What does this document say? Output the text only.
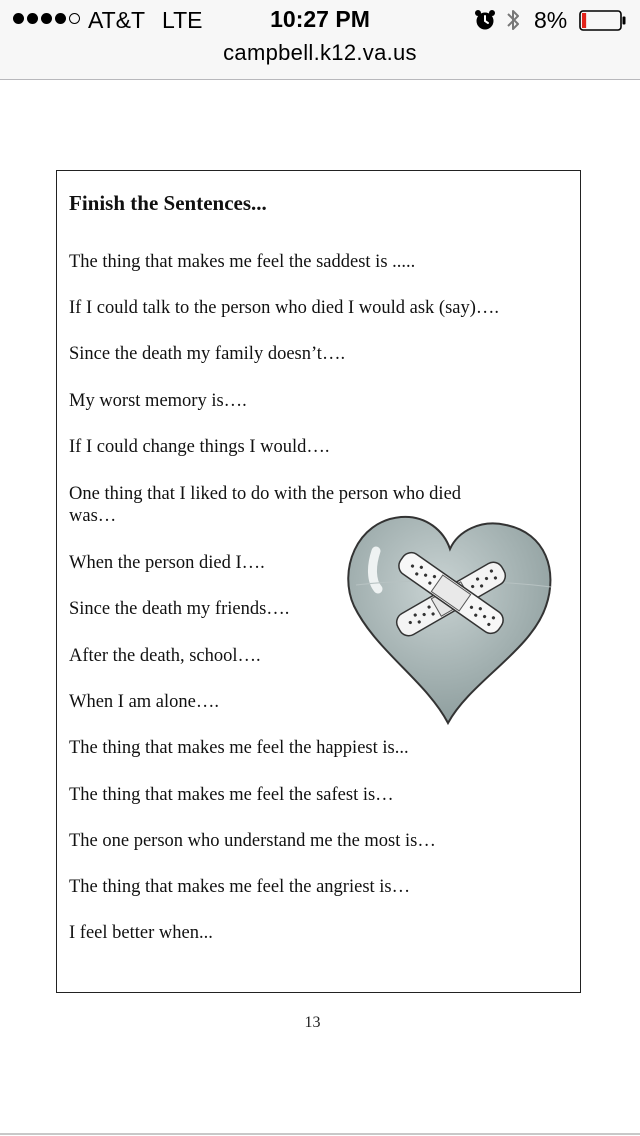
AT&T LTE	10:27 PM	8%
campbell.k12.va.us
Finish the Sentences...

The thing that makes me feel the saddest is .....

If I could talk to the person who died I would ask (say)….

Since the death my family doesn’t….

My worst memory is….

If I could change things I would….

One thing that I liked to do with the person who died was…

When the person died I….

Since the death my friends….

After the death, school….

When I am alone….

The thing that makes me feel the happiest is...

The thing that makes me feel the safest is…

The one person who understand me the most is…

The thing that makes me feel the angriest is…

I feel better when...

13
